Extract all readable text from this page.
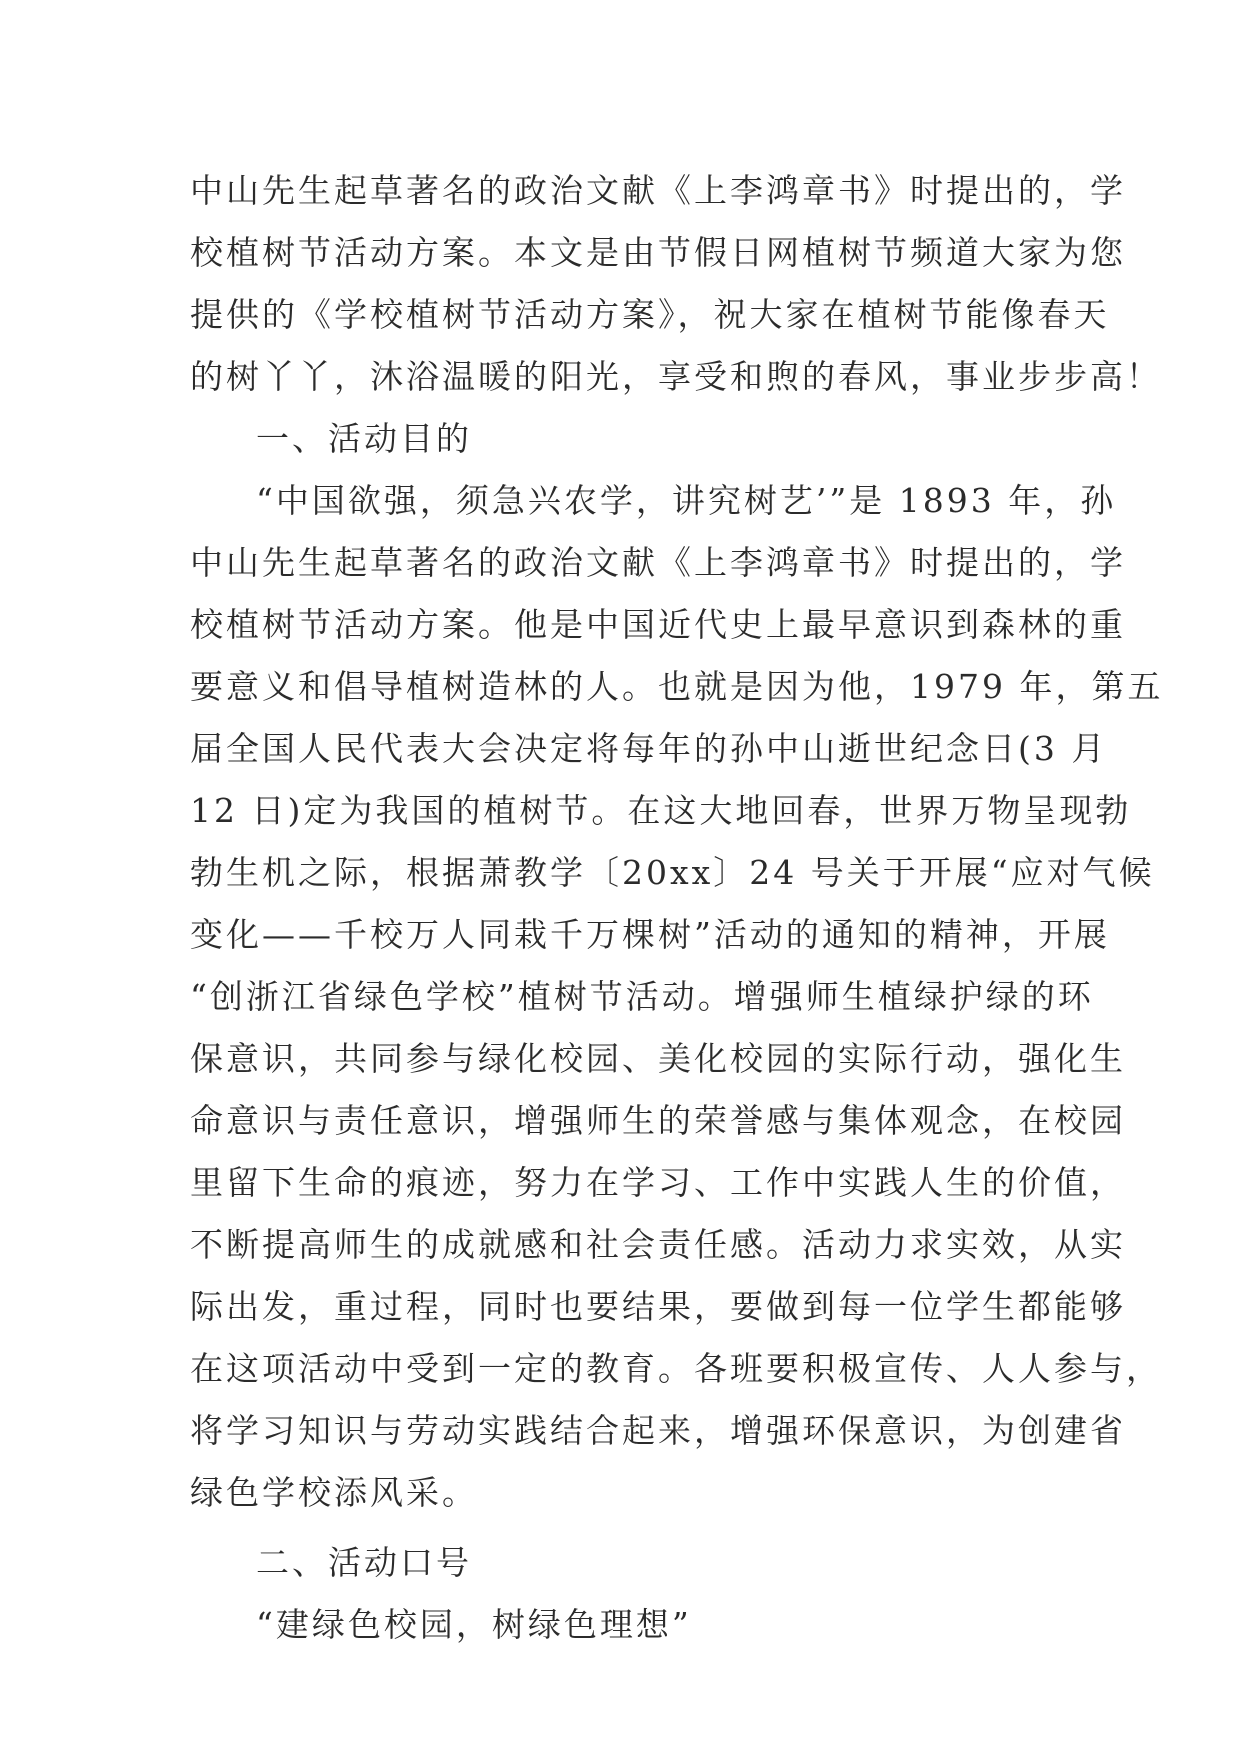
中山先生起草著名的政治文献《上李鸿章书》时提出的，学
校植树节活动方案。本文是由节假日网植树节频道大家为您
提供的《学校植树节活动方案》，祝大家在植树节能像春天
的树丫丫，沐浴温暖的阳光，享受和煦的春风，事业步步高！
一、活动目的
“中国欲强，须急兴农学，讲究树艺’”是 1893 年，孙
中山先生起草著名的政治文献《上李鸿章书》时提出的，学
校植树节活动方案。他是中国近代史上最早意识到森林的重
要意义和倡导植树造林的人。也就是因为他，1979 年，第五
届全国人民代表大会决定将每年的孙中山逝世纪念日(3 月
12 日)定为我国的植树节。在这大地回春，世界万物呈现勃
勃生机之际，根据萧教学〔20xx〕24 号关于开展“应对气候
变化——千校万人同栽千万棵树”活动的通知的精神，开展
“创浙江省绿色学校”植树节活动。增强师生植绿护绿的环
保意识，共同参与绿化校园、美化校园的实际行动，强化生
命意识与责任意识，增强师生的荣誉感与集体观念，在校园
里留下生命的痕迹，努力在学习、工作中实践人生的价值，
不断提高师生的成就感和社会责任感。活动力求实效，从实
际出发，重过程，同时也要结果，要做到每一位学生都能够
在这项活动中受到一定的教育。各班要积极宣传、人人参与，
将学习知识与劳动实践结合起来，增强环保意识，为创建省
绿色学校添风采。
二、活动口号
“建绿色校园，树绿色理想”
